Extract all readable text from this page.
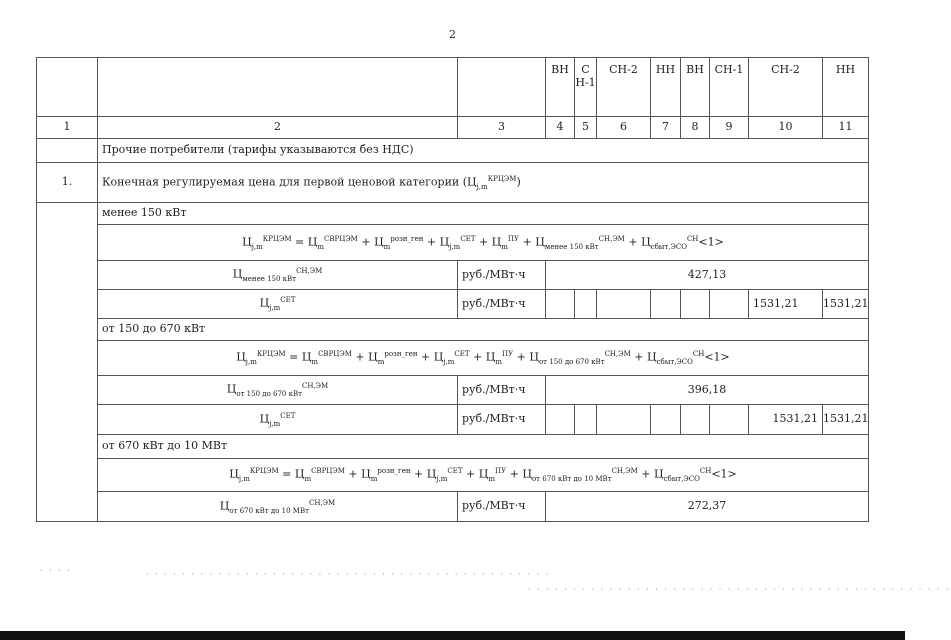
2
			ВН	С Н-1	СН-2	НН	ВН	СН-1	СН-2	НН
1	2	3	4	5	6	7	8	9	10	11
	Прочие потребители (тарифы указываются без НДС)									
1.	Конечная регулируемая цена для первой ценовой категории $(Ц_{j,m}^{КРЦЭМ})$									
	менее 150 кВт									
	$Ц_{j,m}^{КРЦЭМ} = Ц_m^{СВРЦЭМ} + Ц_m^{розн\_ген} + Ц_{j,m}^{СЕТ} + Ц_m^{ПУ} + Ц_{менее 150 кВт}^{СН,ЭМ} + Ц_{сбыт,ЭСО}^{СН}<1>$									
	$Ц_{менее 150 кВт}^{СН,ЭМ}$	руб./МВт·ч	427,13							
	$Ц_{j,m}^{СЕТ}$	руб./МВт·ч							1531,21	1531,21
	от 150 до 670 кВт									
	$Ц_{j,m}^{КРЦЭМ} = Ц_m^{СВРЦЭМ} + Ц_m^{розн\_ген} + Ц_{j,m}^{СЕТ} + Ц_m^{ПУ} + Ц_{от 150 до 670 кВт}^{СН,ЭМ} + Ц_{сбыт,ЭСО}^{СН}<1>$									
	$Ц_{от 150 до 670 кВт}^{СН,ЭМ}$	руб./МВт·ч	396,18							
	$Ц_{j,m}^{СЕТ}$	руб./МВт·ч							1531,21	1531,21
	от 670 кВт до 10 МВт									
	$Ц_{j,m}^{КРЦЭМ} = Ц_m^{СВРЦЭМ} + Ц_m^{розн\_ген} + Ц_{j,m}^{СЕТ} + Ц_m^{ПУ} + Ц_{от 670 кВт до 10 МВт}^{СН,ЭМ} + Ц_{сбыт,ЭСО}^{СН}<1>$									
	$Ц_{от 670 кВт до 10 МВт}^{СН,ЭМ}$	руб./МВт·ч	272,37							
· · · ·	· · · · · · · · · · · · · · · · · · · · · · · · · · · · · · · · · · · · · · · · · · · · ·
· · · · · · · · · · · · · · · · · · · · · · · · · · · · · · · · · · · · · · · · · · · · · · ·
